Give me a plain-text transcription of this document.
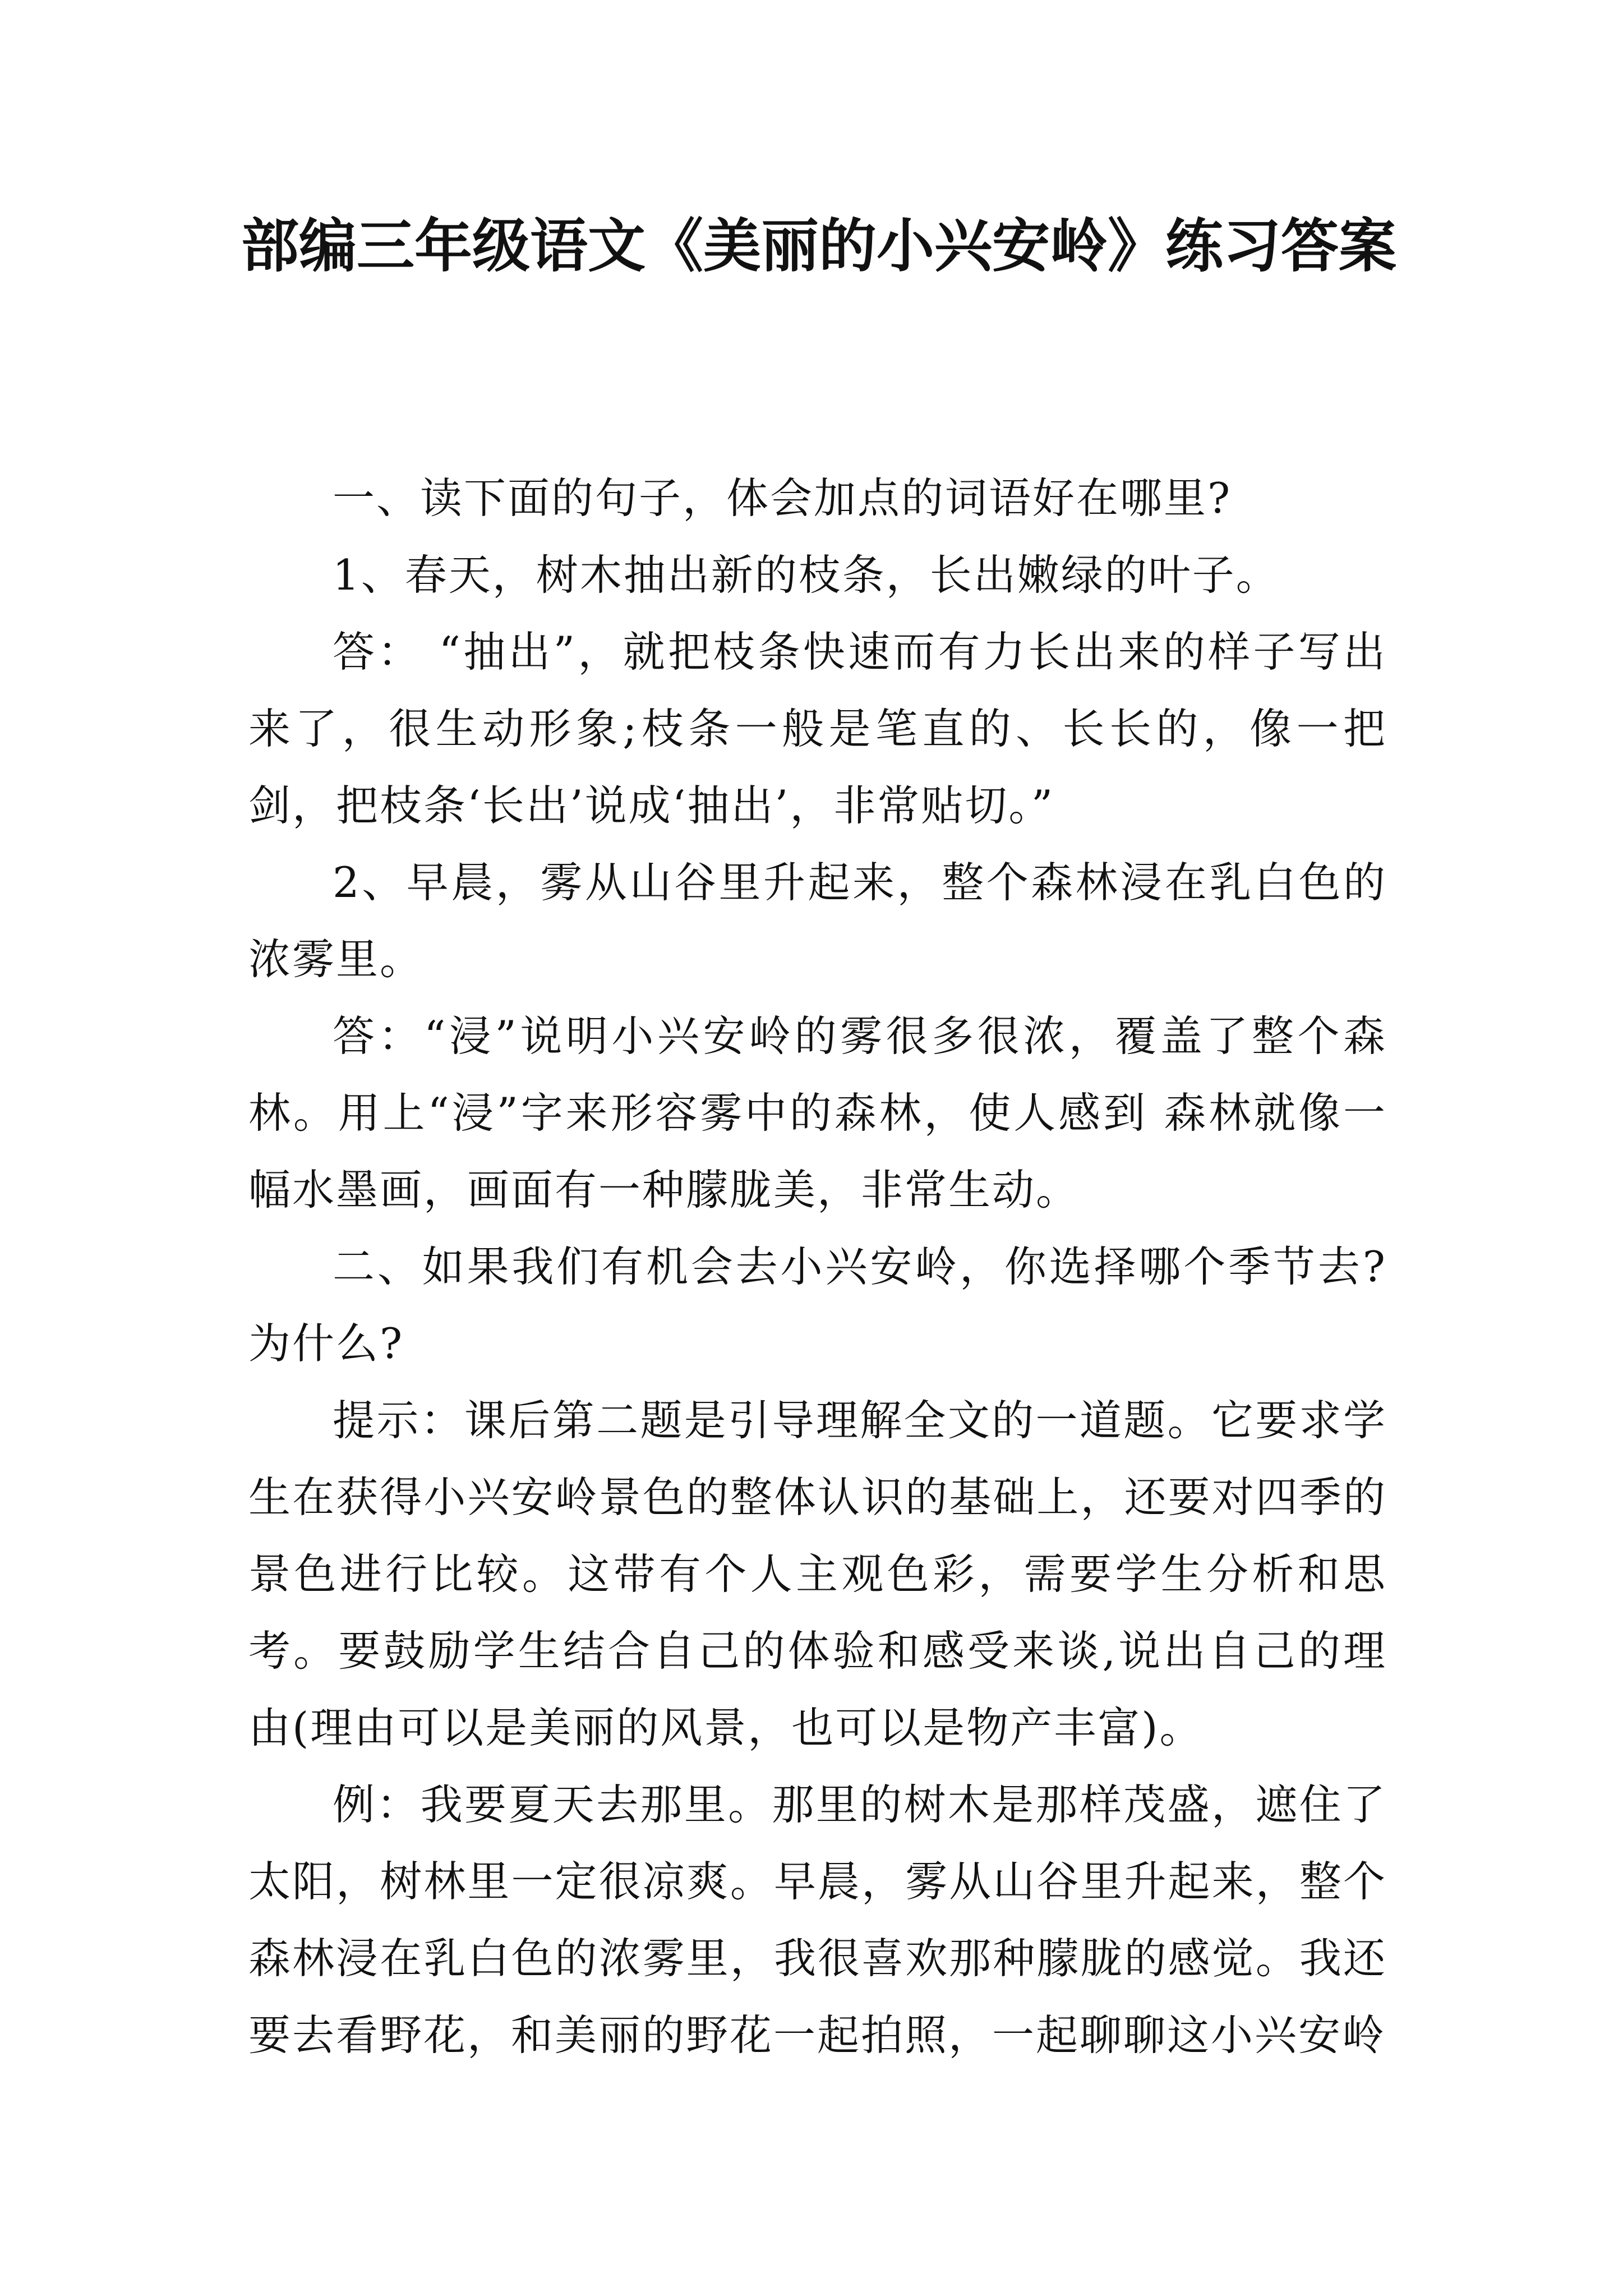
部编三年级语文《美丽的小兴安岭》练习答案

一、读下面的句子，体会加点的词语好在哪里?

1、春天，树木抽出新的枝条，长出嫩绿的叶子。

答： “抽出”，就把枝条快速而有力长出来的样子写出来了，很生动形象;枝条一般是笔直的、长长的，像一把剑，把枝条‘长出’说成‘抽出’，非常贴切。”

2、早晨，雾从山谷里升起来，整个森林浸在乳白色的浓雾里。

答：“浸”说明小兴安岭的雾很多很浓，覆盖了整个森林。用上“浸”字来形容雾中的森林，使人感到 森林就像一幅水墨画，画面有一种朦胧美，非常生动。

二、如果我们有机会去小兴安岭，你选择哪个季节去?为什么?

提示：课后第二题是引导理解全文的一道题。它要求学生在获得小兴安岭景色的整体认识的基础上，还要对四季的景色进行比较。这带有个人主观色彩，需要学生分析和思考。要鼓励学生结合自己的体验和感受来谈,说出自己的理由(理由可以是美丽的风景，也可以是物产丰富)。

例：我要夏天去那里。那里的树木是那样茂盛，遮住了太阳，树林里一定很凉爽。早晨，雾从山谷里升起来，整个森林浸在乳白色的浓雾里，我很喜欢那种朦胧的感觉。我还要去看野花，和美丽的野花一起拍照，一起聊聊这小兴安岭
